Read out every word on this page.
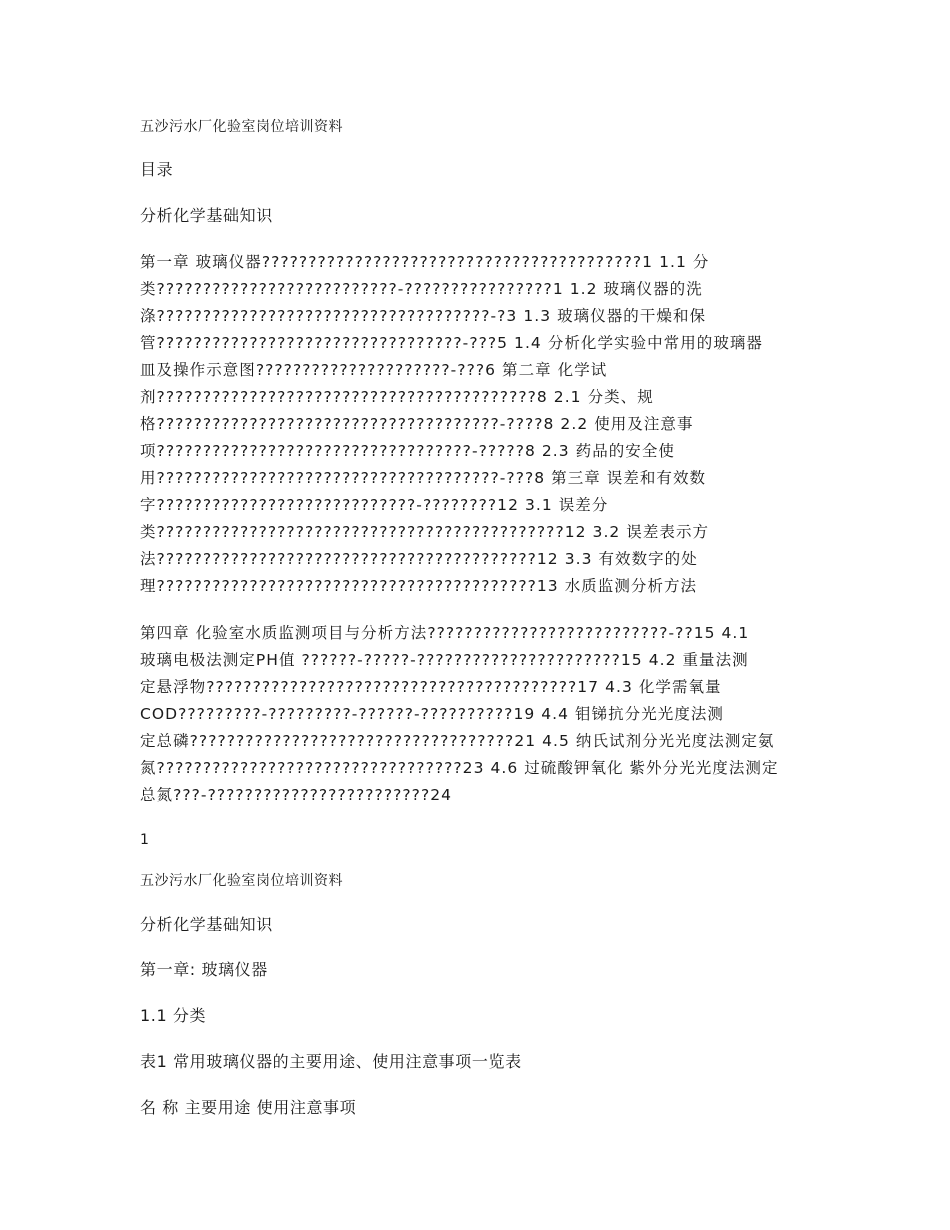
五沙污水厂化验室岗位培训资料
目录
分析化学基础知识
第一章 玻璃仪器?????????????????????????????????????????1 1.1 分
类??????????????????????????-????????????????1 1.2 玻璃仪器的洗
涤????????????????????????????????????-?3 1.3 玻璃仪器的干燥和保
管?????????????????????????????????-???5 1.4 分析化学实验中常用的玻璃器
皿及操作示意图?????????????????????-???6 第二章 化学试
剂?????????????????????????????????????????8 2.1 分类、规
格?????????????????????????????????????-????8 2.2 使用及注意事
项??????????????????????????????????-?????8 2.3 药品的安全使
用?????????????????????????????????????-???8 第三章 误差和有效数
字????????????????????????????-????????12 3.1 误差分
类????????????????????????????????????????????12 3.2 误差表示方
法?????????????????????????????????????????12 3.3 有效数字的处
理?????????????????????????????????????????13 水质监测分析方法
第四章 化验室水质监测项目与分析方法??????????????????????????-??15 4.1
玻璃电极法测定PH值 ??????-?????-??????????????????????15 4.2 重量法测
定悬浮物????????????????????????????????????????17 4.3 化学需氧量
COD?????????-?????????-??????-??????????19 4.4 钼锑抗分光光度法测
定总磷???????????????????????????????????21 4.5 纳氏试剂分光光度法测定氨
氮?????????????????????????????????23 4.6 过硫酸钾氧化 紫外分光光度法测定
总氮???-????????????????????????24
1
五沙污水厂化验室岗位培训资料
分析化学基础知识
第一章: 玻璃仪器
1.1 分类
表1 常用玻璃仪器的主要用途、使用注意事项一览表
名 称 主要用途 使用注意事项
